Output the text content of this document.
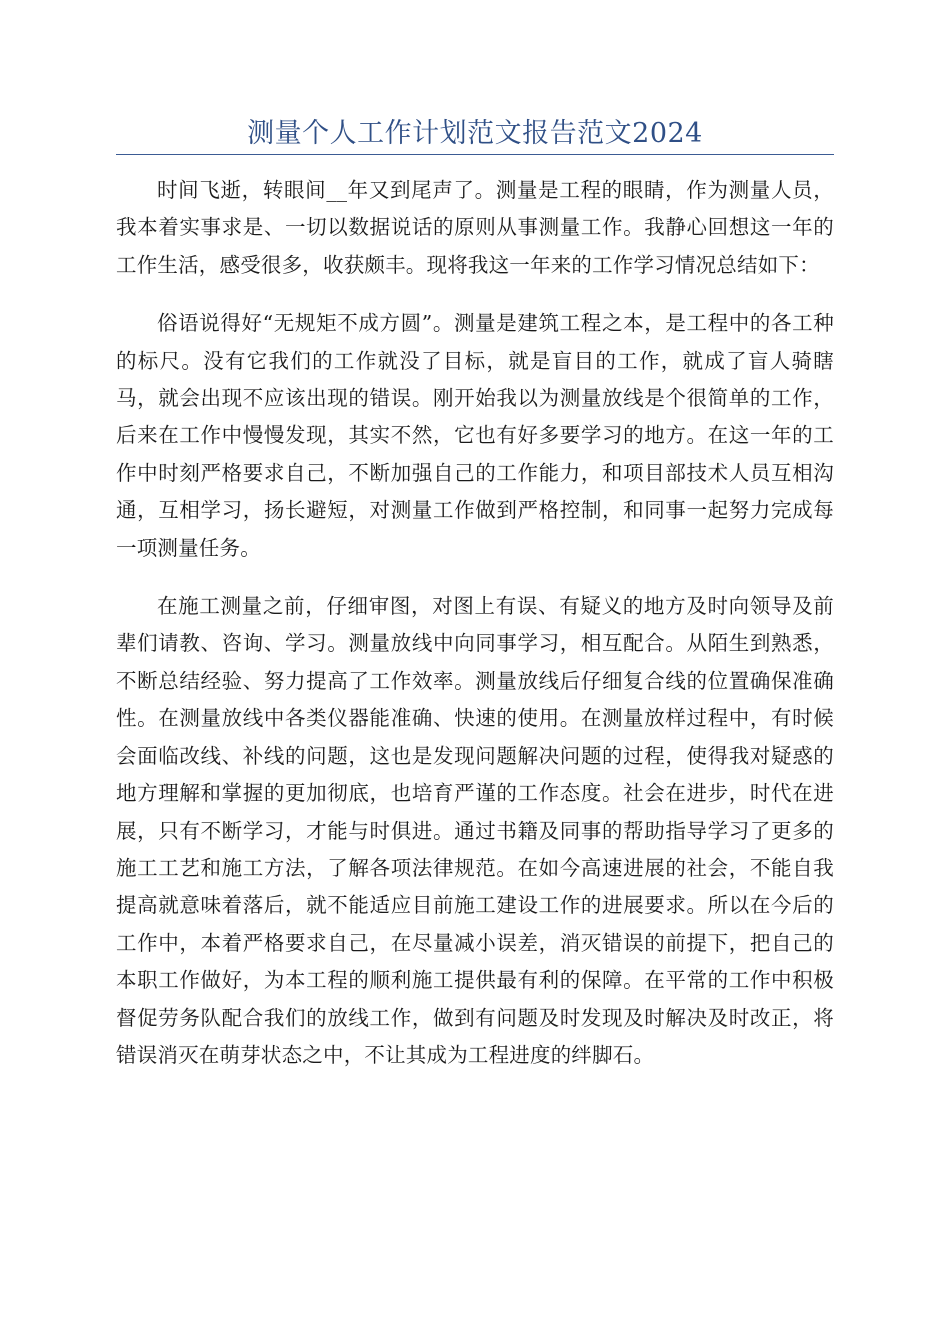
测量个人工作计划范文报告范文2024

时间飞逝，转眼间__年又到尾声了。测量是工程的眼睛，作为测量人员，我本着实事求是、一切以数据说话的原则从事测量工作。我静心回想这一年的工作生活，感受很多，收获颇丰。现将我这一年来的工作学习情况总结如下：

俗语说得好“无规矩不成方圆”。测量是建筑工程之本，是工程中的各工种的标尺。没有它我们的工作就没了目标，就是盲目的工作，就成了盲人骑瞎马，就会出现不应该出现的错误。刚开始我以为测量放线是个很简单的工作，后来在工作中慢慢发现，其实不然，它也有好多要学习的地方。在这一年的工作中时刻严格要求自己，不断加强自己的工作能力，和项目部技术人员互相沟通，互相学习，扬长避短，对测量工作做到严格控制，和同事一起努力完成每一项测量任务。

在施工测量之前，仔细审图，对图上有误、有疑义的地方及时向领导及前辈们请教、咨询、学习。测量放线中向同事学习，相互配合。从陌生到熟悉，不断总结经验、努力提高了工作效率。测量放线后仔细复合线的位置确保准确性。在测量放线中各类仪器能准确、快速的使用。在测量放样过程中，有时候会面临改线、补线的问题，这也是发现问题解决问题的过程，使得我对疑惑的地方理解和掌握的更加彻底，也培育严谨的工作态度。社会在进步，时代在进展，只有不断学习，才能与时俱进。通过书籍及同事的帮助指导学习了更多的施工工艺和施工方法，了解各项法律规范。在如今高速进展的社会，不能自我提高就意味着落后，就不能适应目前施工建设工作的进展要求。所以在今后的工作中，本着严格要求自己，在尽量减小误差，消灭错误的前提下，把自己的本职工作做好，为本工程的顺利施工提供最有利的保障。在平常的工作中积极督促劳务队配合我们的放线工作，做到有问题及时发现及时解决及时改正，将错误消灭在萌芽状态之中，不让其成为工程进度的绊脚石。
